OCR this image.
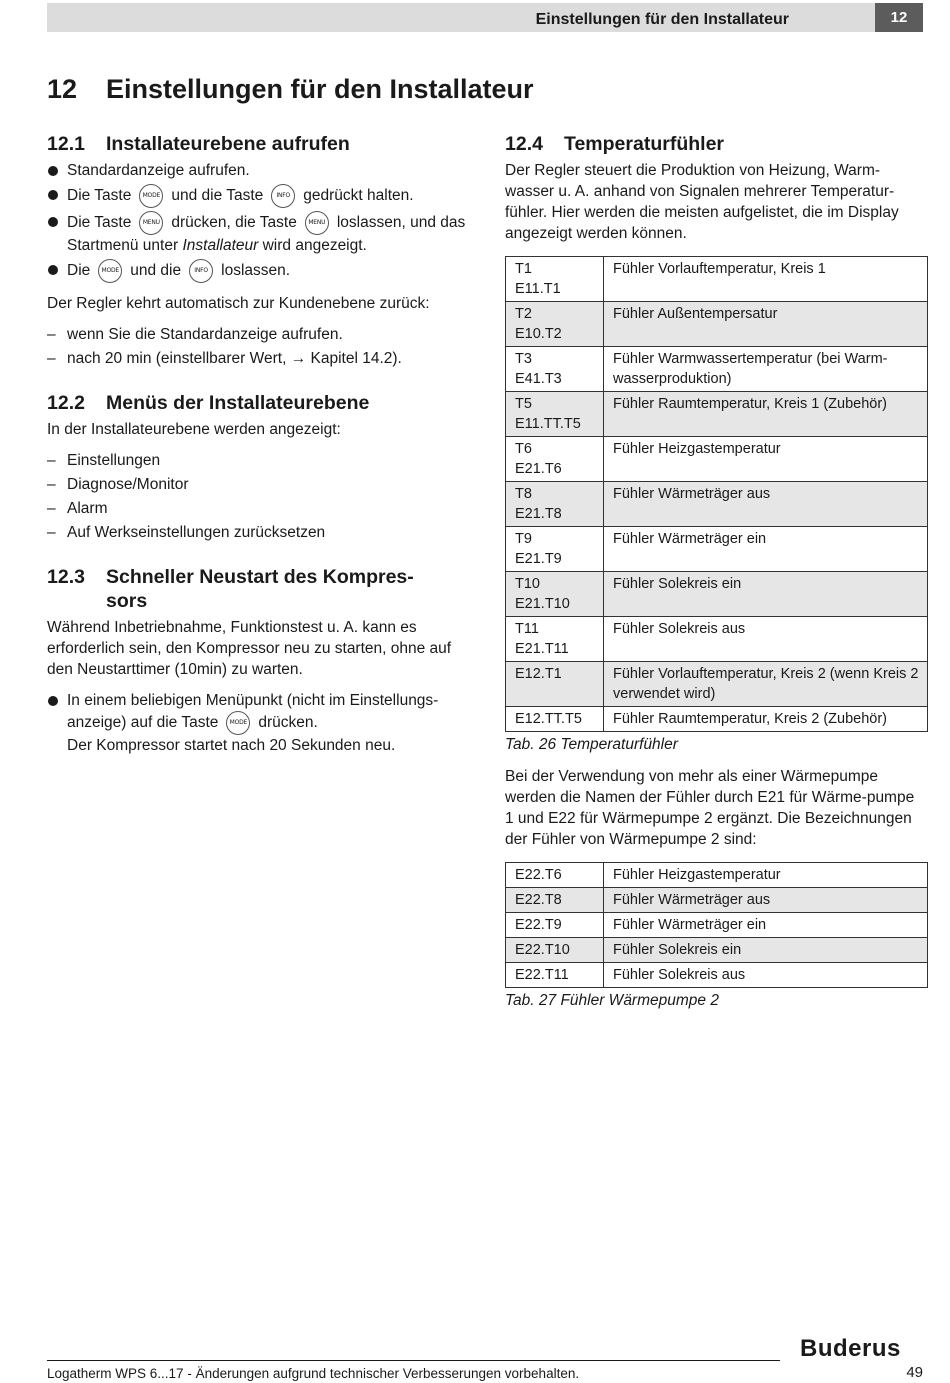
Einstellungen für den Installateur	12
12 Einstellungen für den Installateur
12.1	Installateurebene aufrufen
Standardanzeige aufrufen.
Die Taste MODE und die Taste INFO gedrückt halten.
Die Taste MENU drücken, die Taste MENU loslassen, und das Startmenü unter Installateur wird angezeigt.
Die MODE und die INFO loslassen.

Der Regler kehrt automatisch zur Kundenebene zurück:

– wenn Sie die Standardanzeige aufrufen.
– nach 20 min (einstellbarer Wert, → Kapitel 14.2).
12.2	Menüs der Installateurebene

In der Installateurebene werden angezeigt:

– Einstellungen
– Diagnose/Monitor
– Alarm
– Auf Werkseinstellungen zurücksetzen
12.3	Schneller Neustart des Kompres-
sors

Während Inbetriebnahme, Funktionstest u. A. kann es erforderlich sein, den Kompressor neu zu starten, ohne auf den Neustarttimer (10min) zu warten.

In einem beliebigen Menüpunkt (nicht im Einstellungs-anzeige) auf die Taste MODE drücken.
Der Kompressor startet nach 20 Sekunden neu.
12.4	Temperaturfühler

Der Regler steuert die Produktion von Heizung, Warm-wasser u. A. anhand von Signalen mehrerer Temperatur-fühler. Hier werden die meisten aufgelistet, die im Display angezeigt werden können.

T1
E11.T1	Fühler Vorlauftemperatur, Kreis 1
T2
E10.T2	Fühler Außentempersatur
T3
E41.T3	Fühler Warmwassertemperatur (bei Warm-wasserproduktion)
T5
E11.TT.T5	Fühler Raumtemperatur, Kreis 1 (Zubehör)
T6
E21.T6	Fühler Heizgastemperatur
T8
E21.T8	Fühler Wärmeträger aus
T9
E21.T9	Fühler Wärmeträger ein
T10
E21.T10	Fühler Solekreis ein
T11
E21.T11	Fühler Solekreis aus
E12.T1	Fühler Vorlauftemperatur, Kreis 2 (wenn Kreis 2 verwendet wird)
E12.TT.T5	Fühler Raumtemperatur, Kreis 2 (Zubehör)
Tab. 26 Temperaturfühler

Bei der Verwendung von mehr als einer Wärmepumpe werden die Namen der Fühler durch E21 für Wärme-pumpe 1 und E22 für Wärmepumpe 2 ergänzt. Die Bezeichnungen der Fühler von Wärmepumpe 2 sind:

E22.T6	Fühler Heizgastemperatur
E22.T8	Fühler Wärmeträger aus
E22.T9	Fühler Wärmeträger ein
E22.T10	Fühler Solekreis ein
E22.T11	Fühler Solekreis aus
Tab. 27 Fühler Wärmepumpe 2
Buderus
Logatherm WPS 6...17 - Änderungen aufgrund technischer Verbesserungen vorbehalten.	49
